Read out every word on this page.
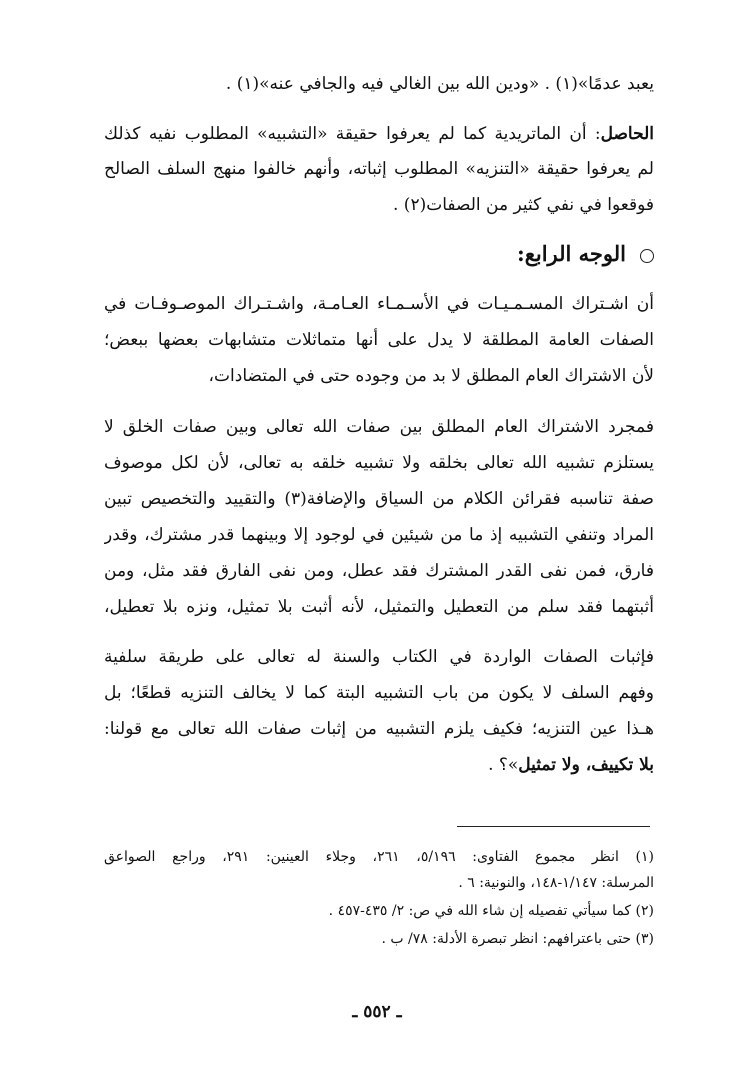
يعبد عدمًا»(١) . «ودين الله بين الغالي فيه والجافي عنه»(١) .
الحاصل: أن الماتريدية كما لم يعرفوا حقيقة «التشبيه» المطلوب نفيه كذلك
لم يعرفوا حقيقة «التنزيه» المطلوب إثباته، وأنهم خالفوا منهج السلف الصالح
فوقعوا في نفي كثير من الصفات(٢) .
الوجه الرابع:
أن اشـتراك المسـمـيـات في الأسـمـاء العـامـة، واشـتـراك الموصـوفـات في
الصفات العامة المطلقة لا يدل على أنها متماثلات متشابهات بعضها ببعض؛
لأن الاشتراك العام المطلق لا بد من وجوده حتى في المتضادات،
فمجرد الاشتراك العام المطلق بين صفات الله تعالى وبين صفات الخلق لا
يستلزم تشبيه الله تعالى بخلقه ولا تشبيه خلقه به تعالى، لأن لكل موصوف
صفة تناسبه فقرائن الكلام من السياق والإضافة(٣) والتقييد والتخصيص تبين
المراد وتنفي التشبيه إذ ما من شيئين في لوجود إلا وبينهما قدر مشترك، وقدر
فارق، فمن نفى القدر المشترك فقد عطل، ومن نفى الفارق فقد مثل، ومن
أثبتهما فقد سلم من التعطيل والتمثيل، لأنه أثبت بلا تمثيل، ونزه بلا تعطيل،
فإثبات الصفات الواردة في الكتاب والسنة له تعالى على طريقة سلفية
وفهم السلف لا يكون من باب التشبيه البتة كما لا يخالف التنزيه قطعًا؛ بل
هـذا عين التنزيه؛ فكيف يلزم التشبيه من إثبات صفات الله تعالى مع قولنا:
بلا تكييف، ولا تمثيل»؟ .
(١) انظر مجموع الفتاوى: ٥/١٩٦، ٢٦١، وجلاء العينين: ٢٩١، وراجع الصواعق
المرسلة: ١/١٤٧-١٤٨، والنونية: ٦ .
(٢) كما سيأتي تفصيله إن شاء الله في ص: ٢/ ٤٣٥-٤٥٧ .
(٣) حتى باعترافهم: انظر تبصرة الأدلة: ٧٨/ ب .
ـ ٥٥٢ ـ
